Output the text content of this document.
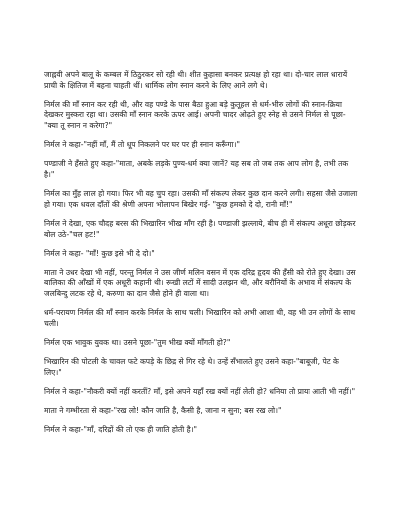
जाह्नवी अपने बालू के कम्बल में ठिठुरकर सो रही थी। शीत कुहासा बनकर प्रत्यक्ष हो रहा था। दो-चार लाल धारायें प्राची के क्षितिज में बहना चाहती थीं। धार्मिक लोग स्नान करने के लिए आने लगे थे।

निर्मल की माँ स्नान कर रही थी, और वह पण्डे के पास बैठा हुआ बड़े कुतूहल से धर्म-भीरु लोगों की स्नान-क्रिया देखकर मुस्करा रहा था। उसकी माँ स्नान करके ऊपर आई। अपनी चादर ओढ़ते हुए स्नेह से उसने निर्मल से पूछा-"क्या तू स्नान न करेगा?"

निर्मल ने कहा-"नहीं माँ, मैं तो धूप निकलने पर घर पर ही स्नान करूँगा।"

पण्डाजी ने हँसते हुए कहा-"माता, अबके लड़के पुण्य-धर्म क्या जानें? यह सब तो जब तक आप लोग है, तभी तक है।"

निर्मल का मुँह लाल हो गया। फिर भी वह चुप रहा। उसकी माँ संकल्प लेकर कुछ दान करने लगी। सहसा जैसे उजाला हो गया। एक धवल दाँतों की श्रेणी अपना भोलापन बिखेर गई- "कुछ हमको दे दो, रानी माँ!"

निर्मल ने देखा, एक चौदह बरस की भिखारिन भीख माँग रही है। पण्डाजी झल्लाये, बीच ही में संकल्प अधूरा छोड़कर बोल उठे-"चल हट!"

निर्मल ने कहा- "माँ! कुछ इसे भी दे दो।"

माता ने उधर देखा भी नहीं, परन्तु निर्मल ने उस जीर्ण मलिन वसन में एक दरिद्र हृदय की हँसी को रोते हुए देखा। उस बालिका की आँखों में एक अधूरी कहानी थी। रूखी लटों में सादी उलझन थी, और बरौनियों के अभाव में संकल्प के जलबिन्दु लटक रहे थे, करुणा का दान जैसे होने ही वाला था।

धर्म-परायण निर्मल की माँ स्नान करके निर्मल के साथ चली। भिखारिन को अभी आशा थी, वह भी उन लोगों के साथ चली।

निर्मल एक भावुक युवक था। उसने पूछा-"तुम भीख क्यों माँगती हो?"

भिखारिन की पोटली के चावल फटे कपड़े के छिद्र से गिर रहे थे। उन्हें सँभालते हुए उसने कहा-"बाबूजी, पेट के लिए।"

निर्मल ने कहा-"नौकरी क्यों नहीं करतीं? माँ, इसे अपने यहाँ रख क्यों नहीं लेती हो? धनिया तो प्रायः आती भी नहीं।"

माता ने गम्भीरता से कहा-"रख लो! कौन जाति है, कैसी है, जाना न सुना; बस रख लो।"

निर्मल ने कहा-"माँ, दरिद्रों की तो एक ही जाति होती है।"
